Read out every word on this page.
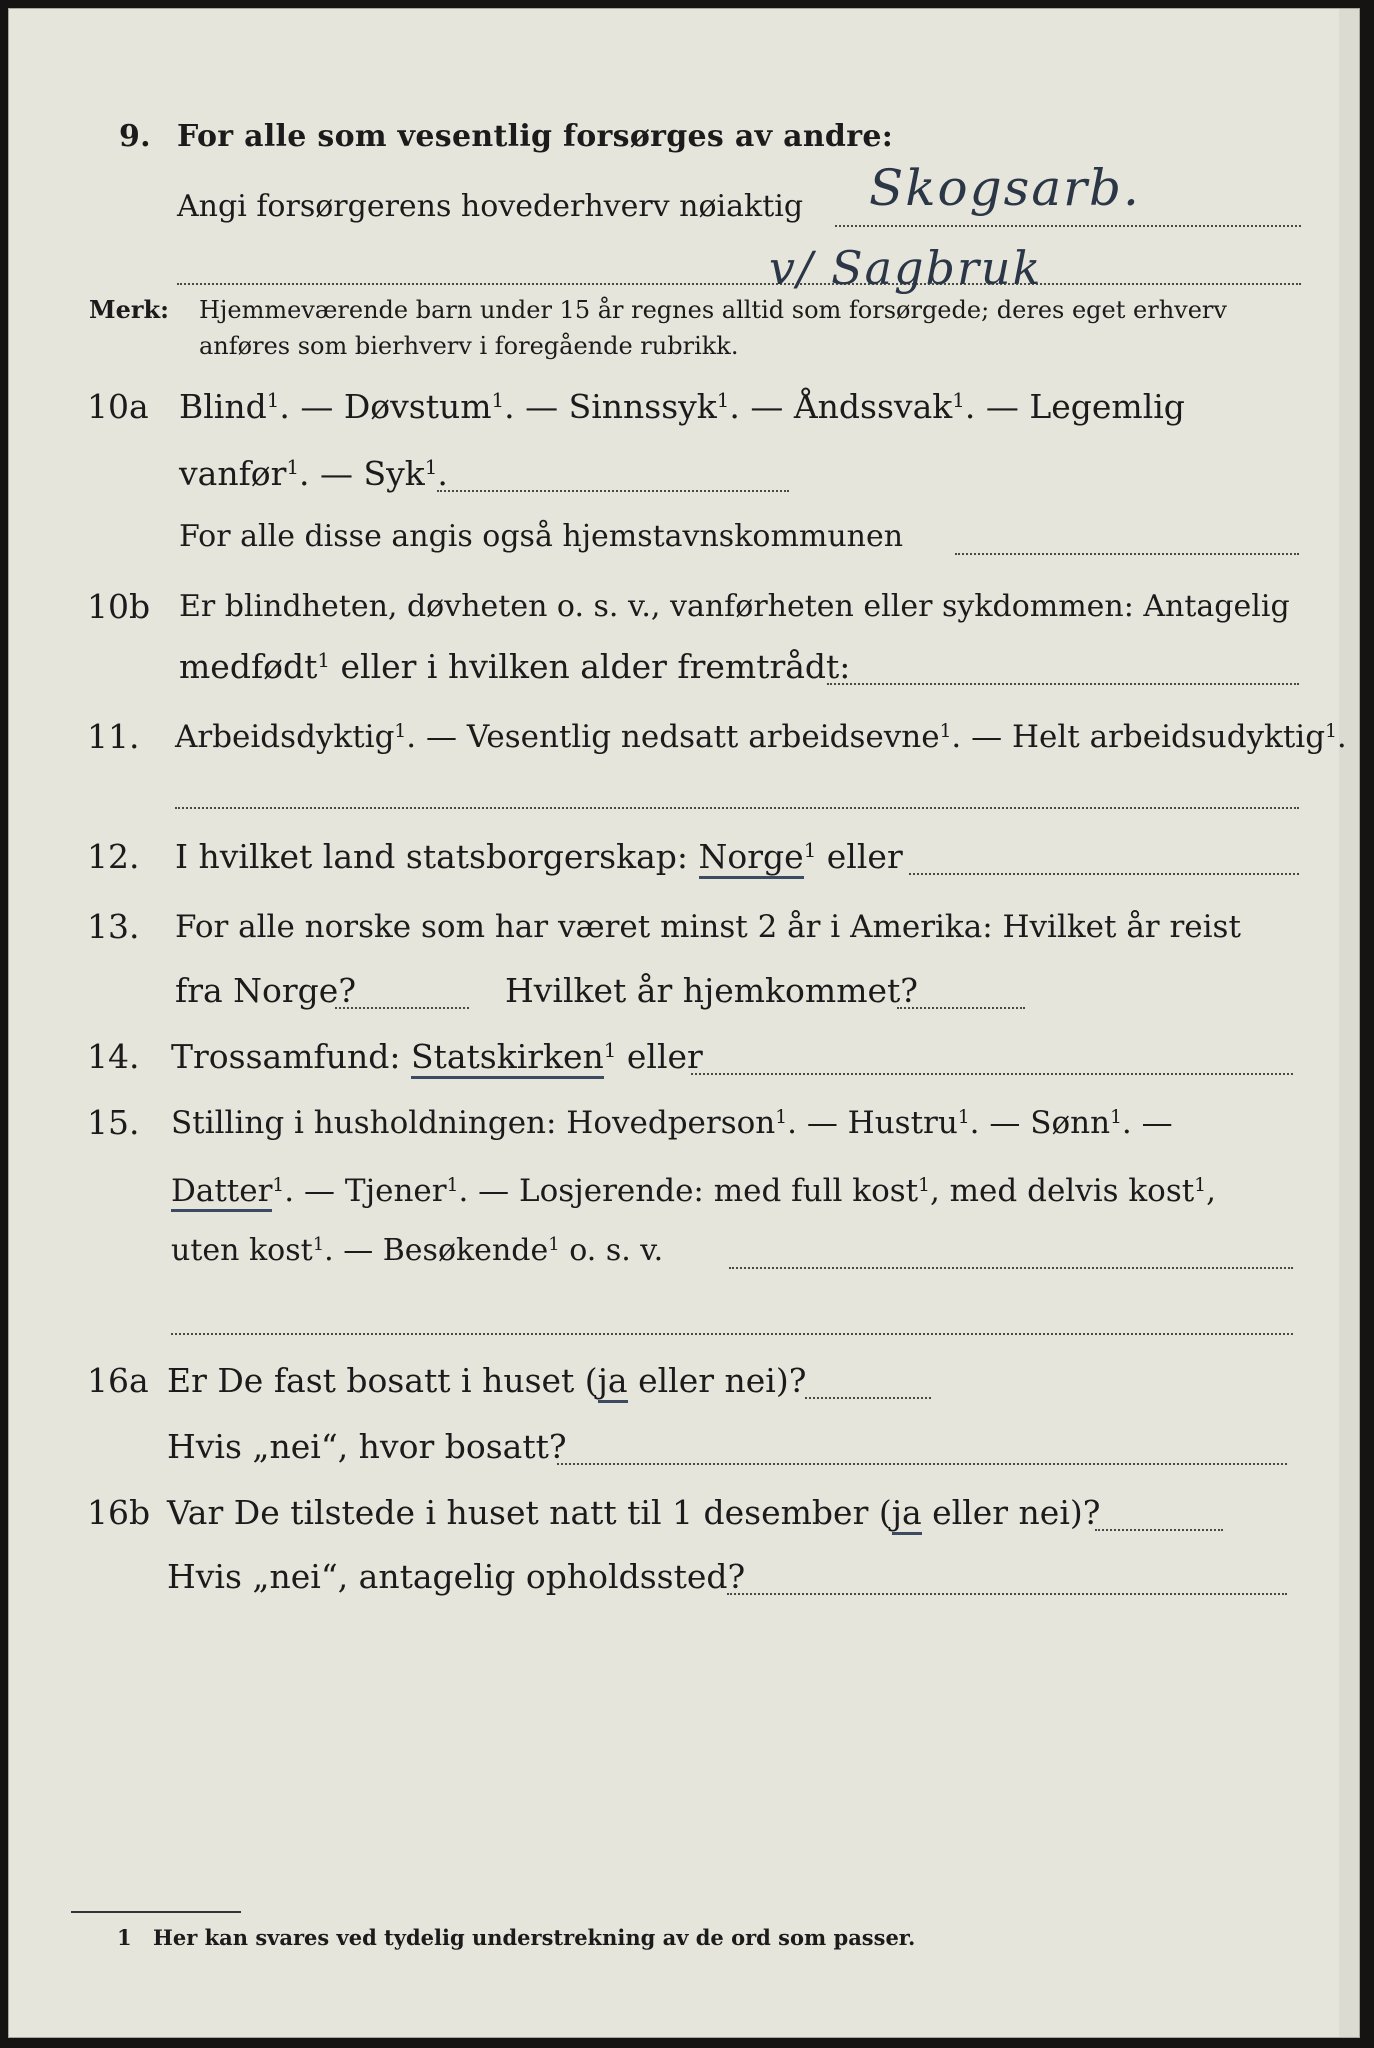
9. For alle som vesentlig forsørges av andre:
Angi forsørgerens hovederhverv nøiaktig Skogsarb.
v/ Sagbruk
Merk: Hjemmeværende barn under 15 år regnes alltid som forsørgede; deres eget erhverv
anføres som bierhverv i foregående rubrikk.
10a Blind$^1$. — Døvstum$^1$. — Sinnssyk$^1$. — Åndssvak$^1$. — Legemlig
vanfør$^1$. — Syk$^1$.
For alle disse angis også hjemstavnskommunen
10b Er blindheten, døvheten o. s. v., vanførheten eller sykdommen: Antagelig
medfødt$^1$ eller i hvilken alder fremtrådt:
11. Arbeidsdyktig$^1$. — Vesentlig nedsatt arbeidsevne$^1$. — Helt arbeidsudyktig$^1$.
12. I hvilket land statsborgerskap: Norge$^1$ eller
13. For alle norske som har været minst 2 år i Amerika: Hvilket år reist
fra Norge?	Hvilket år hjemkommet?
14. Trossamfund: Statskirken$^1$ eller
15. Stilling i husholdningen: Hovedperson$^1$. — Hustru$^1$. — Sønn$^1$. —
Datter$^1$. — Tjener$^1$. — Losjerende: med full kost$^1$, med delvis kost$^1$,
uten kost$^1$. — Besøkende$^1$ o. s. v.
16a Er De fast bosatt i huset (ja eller nei)?
Hvis „nei“, hvor bosatt?
16b Var De tilstede i huset natt til 1 desember (ja eller nei)?
Hvis „nei“, antagelig opholdssted?
1 Her kan svares ved tydelig understrekning av de ord som passer.
